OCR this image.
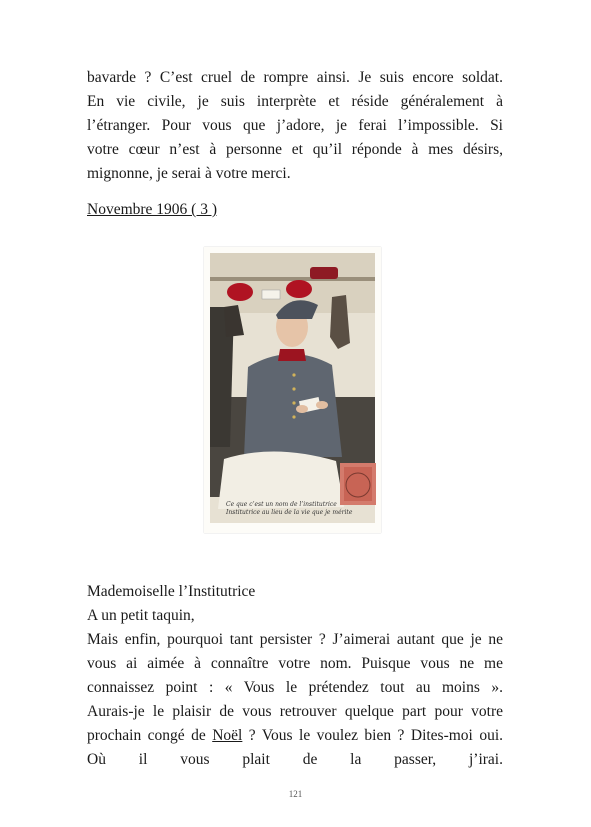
bavarde ? C’est cruel de rompre ainsi. Je suis encore soldat.
En vie civile, je suis interprète et réside généralement à
l’étranger. Pour vous que j’adore, je ferai l’impossible. Si
votre cœur n’est à personne et qu’il réponde à mes désirs,
mignonne, je serai à votre merci.
Novembre 1906 ( 3 )
Ce que c’est un nom de l’institutrice
Institutrice au lieu de la vie que je mérite
Mademoiselle l’Institutrice
A un petit taquin,
Mais enfin, pourquoi tant persister ? J’aimerai autant que je ne
vous ai aimée à connaître votre nom. Puisque vous ne me
connaissez point : « Vous le prétendez tout au moins ».
Aurais-je le plaisir de vous retrouver quelque part pour votre
prochain congé de Noël ? Vous le voulez bien ? Dites-moi oui.
Où il vous plait de la passer, j’irai.
121
